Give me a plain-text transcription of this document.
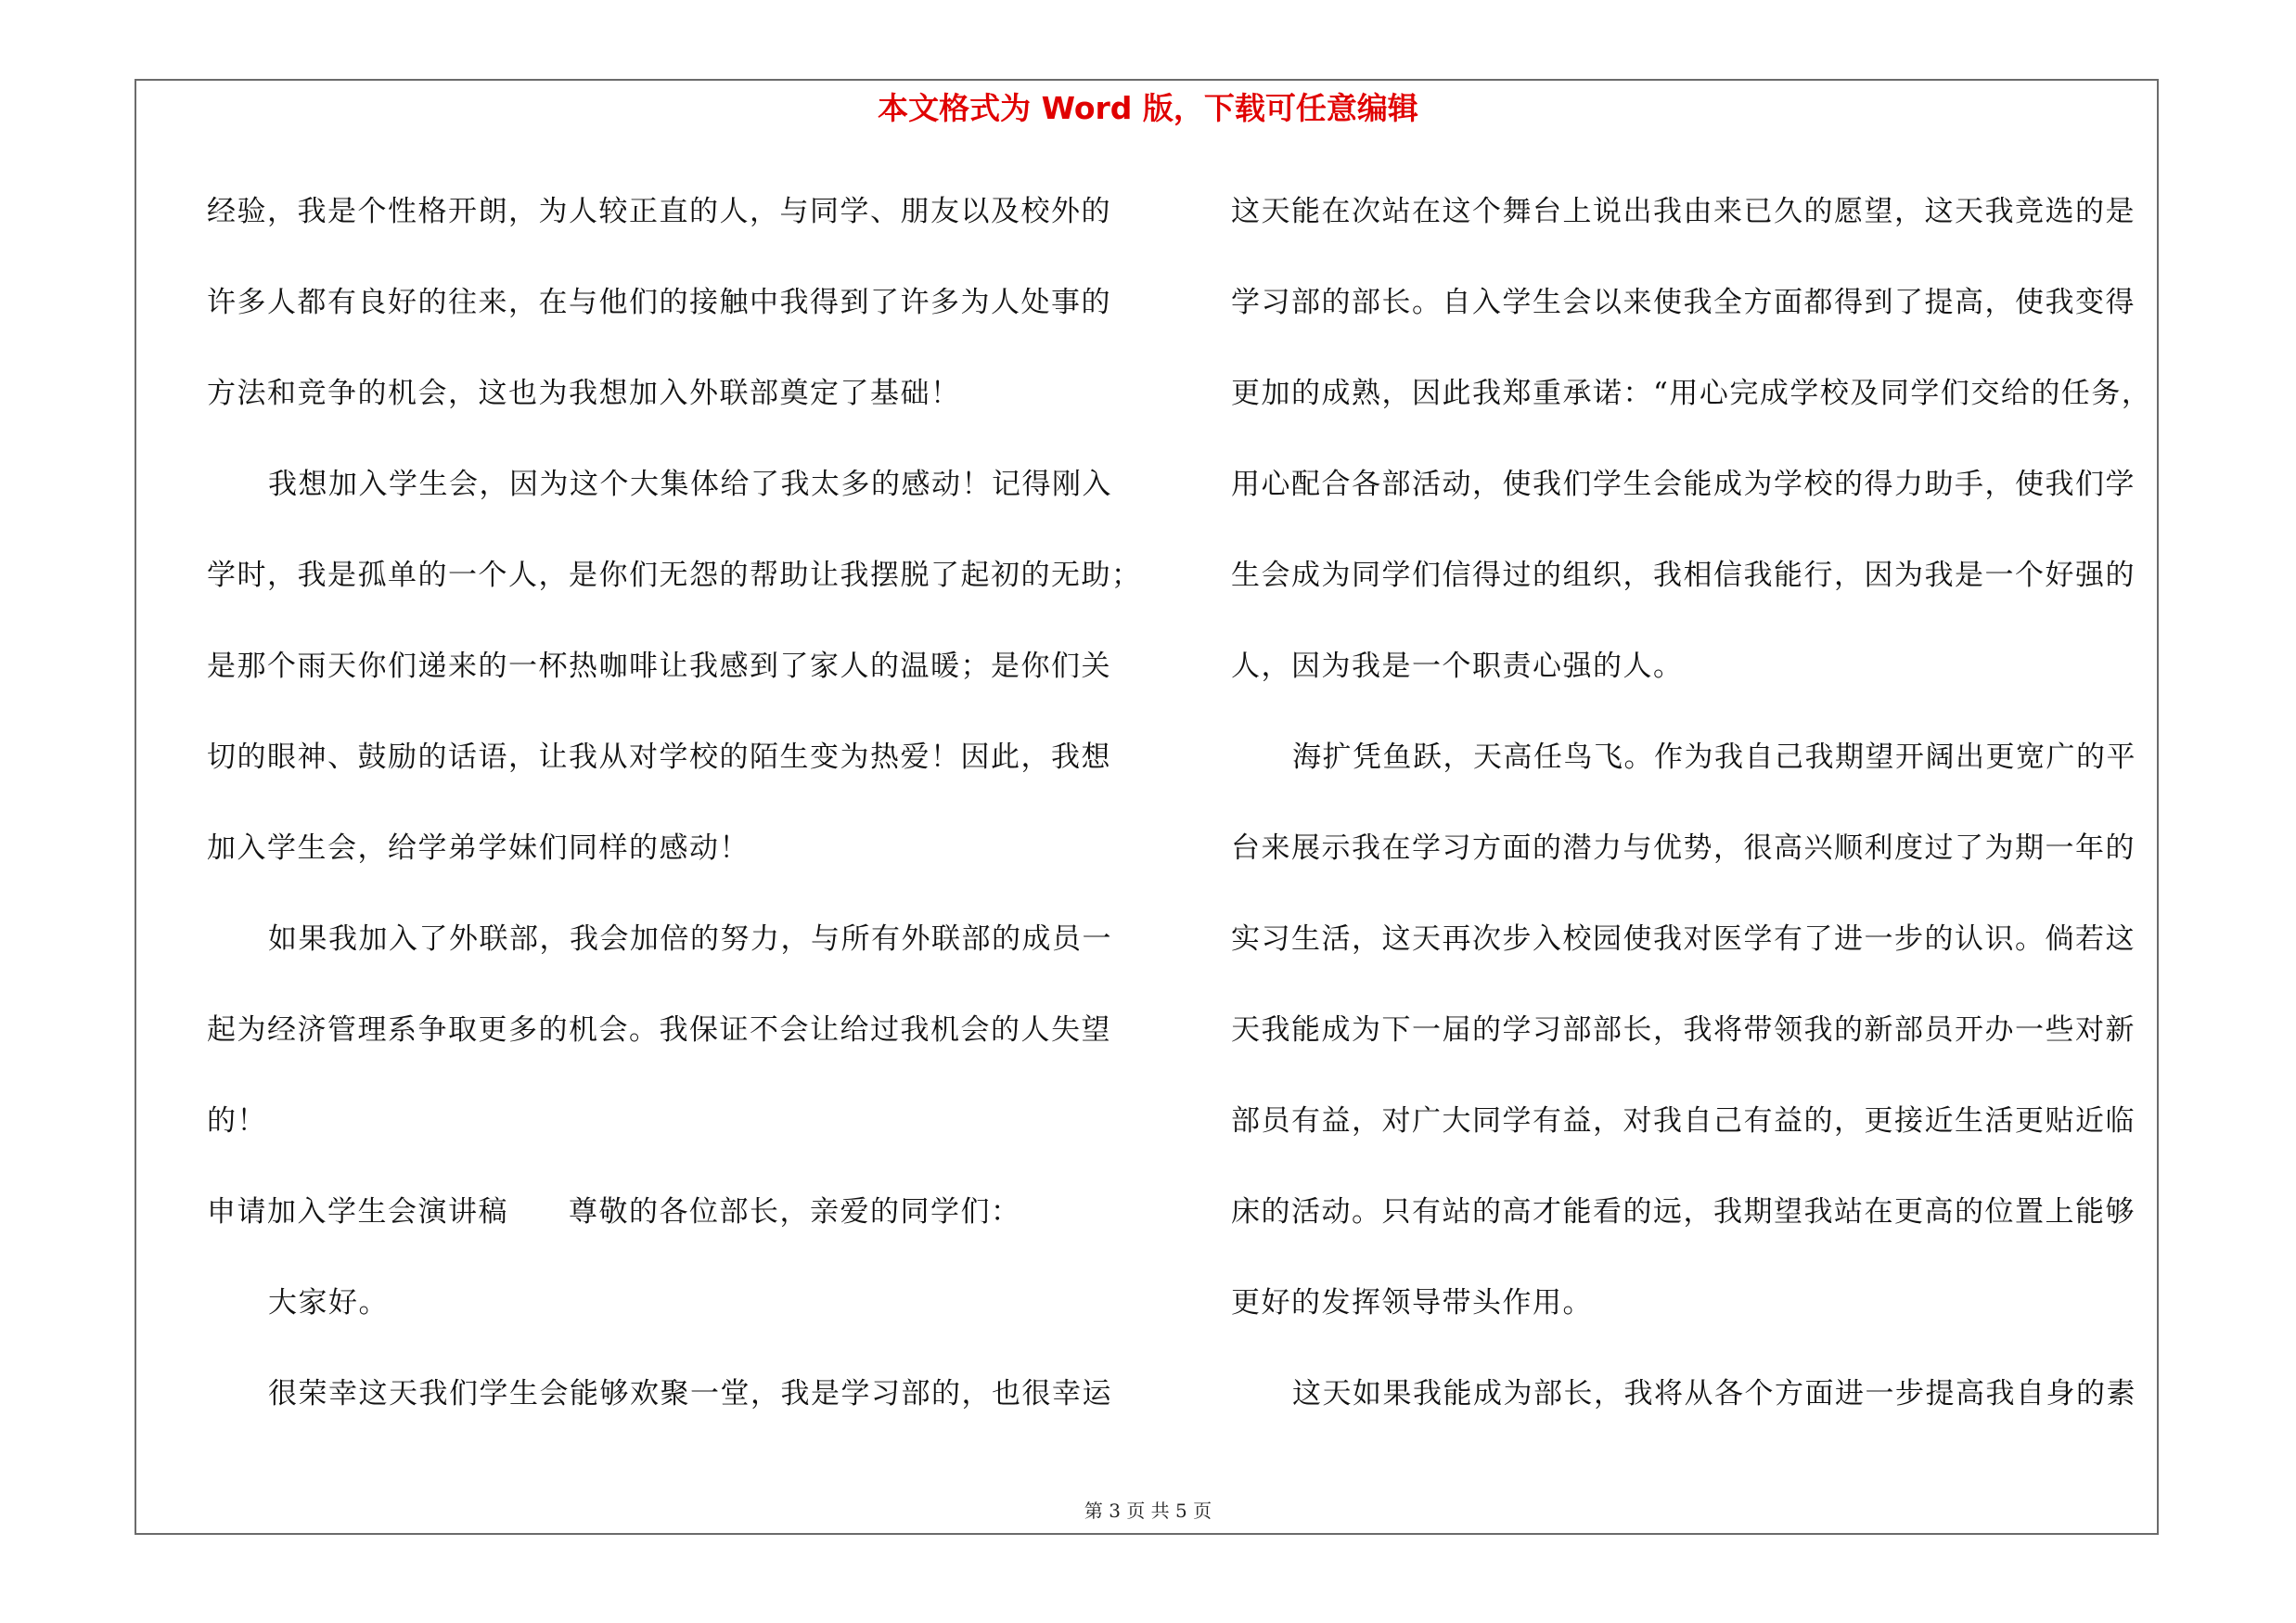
本文格式为 Word 版，下载可任意编辑
经验，我是个性格开朗，为人较正直的人，与同学、朋友以及校外的
许多人都有良好的往来，在与他们的接触中我得到了许多为人处事的
方法和竞争的机会，这也为我想加入外联部奠定了基础！
我想加入学生会，因为这个大集体给了我太多的感动！记得刚入
学时，我是孤单的一个人，是你们无怨的帮助让我摆脱了起初的无助；
是那个雨天你们递来的一杯热咖啡让我感到了家人的温暖；是你们关
切的眼神、鼓励的话语，让我从对学校的陌生变为热爱！因此，我想
加入学生会，给学弟学妹们同样的感动！
如果我加入了外联部，我会加倍的努力，与所有外联部的成员一
起为经济管理系争取更多的机会。我保证不会让给过我机会的人失望
的！
申请加入学生会演讲稿　　尊敬的各位部长，亲爱的同学们：
大家好。
很荣幸这天我们学生会能够欢聚一堂，我是学习部的，也很幸运
这天能在次站在这个舞台上说出我由来已久的愿望，这天我竞选的是
学习部的部长。自入学生会以来使我全方面都得到了提高，使我变得
更加的成熟，因此我郑重承诺：“用心完成学校及同学们交给的任务，
用心配合各部活动，使我们学生会能成为学校的得力助手，使我们学
生会成为同学们信得过的组织，我相信我能行，因为我是一个好强的
人，因为我是一个职责心强的人。
海扩凭鱼跃，天高任鸟飞。作为我自己我期望开阔出更宽广的平
台来展示我在学习方面的潜力与优势，很高兴顺利度过了为期一年的
实习生活，这天再次步入校园使我对医学有了进一步的认识。倘若这
天我能成为下一届的学习部部长，我将带领我的新部员开办一些对新
部员有益，对广大同学有益，对我自己有益的，更接近生活更贴近临
床的活动。只有站的高才能看的远，我期望我站在更高的位置上能够
更好的发挥领导带头作用。
这天如果我能成为部长，我将从各个方面进一步提高我自身的素
第 3 页 共 5 页
